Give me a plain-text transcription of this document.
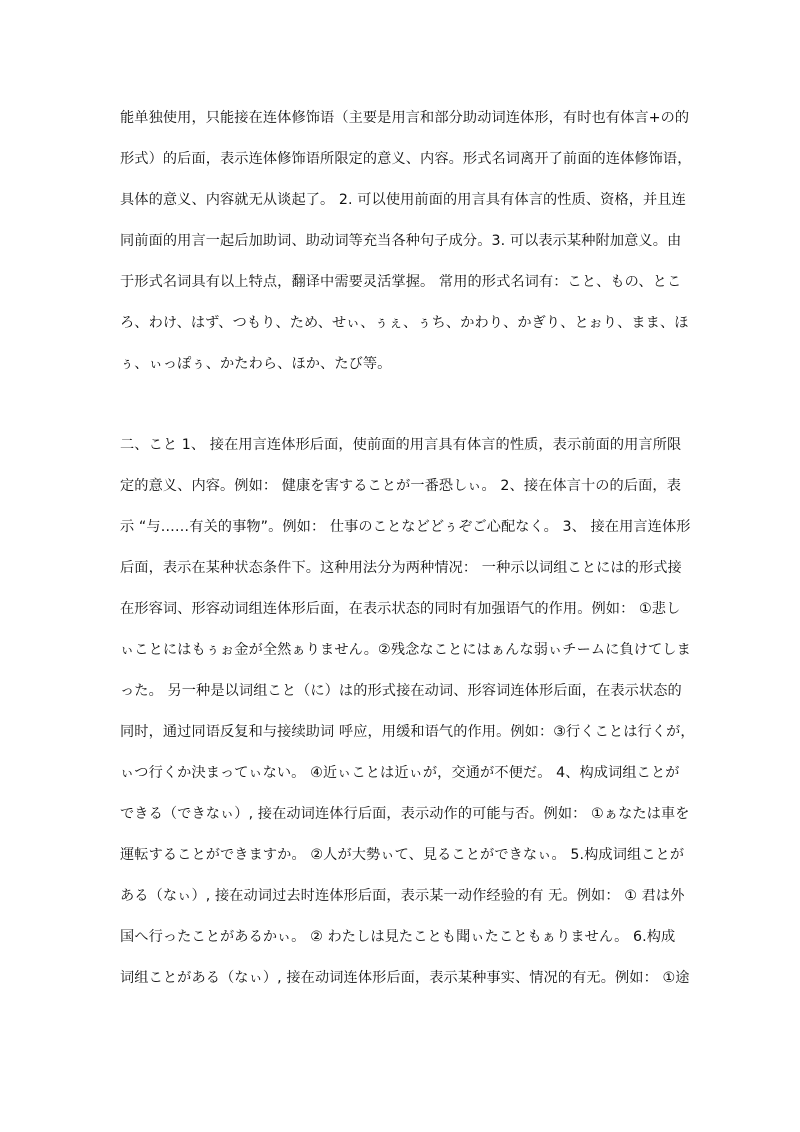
能单独使用，只能接在连体修饰语（主要是用言和部分助动词连体形，有时也有体言+の的
形式）的后面，表示连体修饰语所限定的意义、内容。形式名词离开了前面的连体修饰语，
具体的意义、内容就无从谈起了。 2. 可以使用前面的用言具有体言的性质、资格，并且连
同前面的用言一起后加助词、助动词等充当各种句子成分。3. 可以表示某种附加意义。由
于形式名词具有以上特点，翻译中需要灵活掌握。 常用的形式名词有：こと、もの、とこ
ろ、わけ、はず、つもり、ため、せぃ、ぅぇ、ぅち、かわり、かぎり、とぉり、まま、ほ
ぅ、ぃっぽぅ、かたわら、ほか、たび等。
二、こと 1、 接在用言连体形后面，使前面的用言具有体言的性质，表示前面的用言所限
定的意义、内容。例如： 健康を害することが一番恐しぃ。 2、接在体言十の的后面，表
示 “与……有关的事物”。例如： 仕事のことなどどぅぞご心配なく。 3、 接在用言连体形
后面，表示在某种状态条件下。这种用法分为两种情况： 一种示以词组ことには的形式接
在形容词、形容动词组连体形后面，在表示状态的同时有加强语气的作用。例如： ①悲し
ぃことにはもぅぉ金が全然ぁりません。②残念なことにはぁんな弱ぃチームに負けてしま
った。 另一种是以词组こと（に）は的形式接在动词、形容词连体形后面，在表示状态的
同时，通过同语反复和与接续助词 呼应，用缓和语气的作用。例如：③行くことは行くが，
ぃつ行くか決まってぃない。 ④近ぃことは近ぃが，交通が不便だ。 4、构成词组ことが
できる（できなぃ）, 接在动词连体行后面，表示动作的可能与否。例如： ①ぁなたは車を
運転することができますか。 ②人が大勢ぃて、見ることができなぃ。 5.构成词组ことが
ある（なぃ）, 接在动词过去时连体形后面，表示某一动作经验的有 无。例如： ① 君は外
国へ行ったことがあるかぃ。 ② わたしは見たことも聞ぃたこともぁりません。 6.构成
词组ことがある（なぃ）, 接在动词连体形后面，表示某种事实、情况的有无。例如： ①途
